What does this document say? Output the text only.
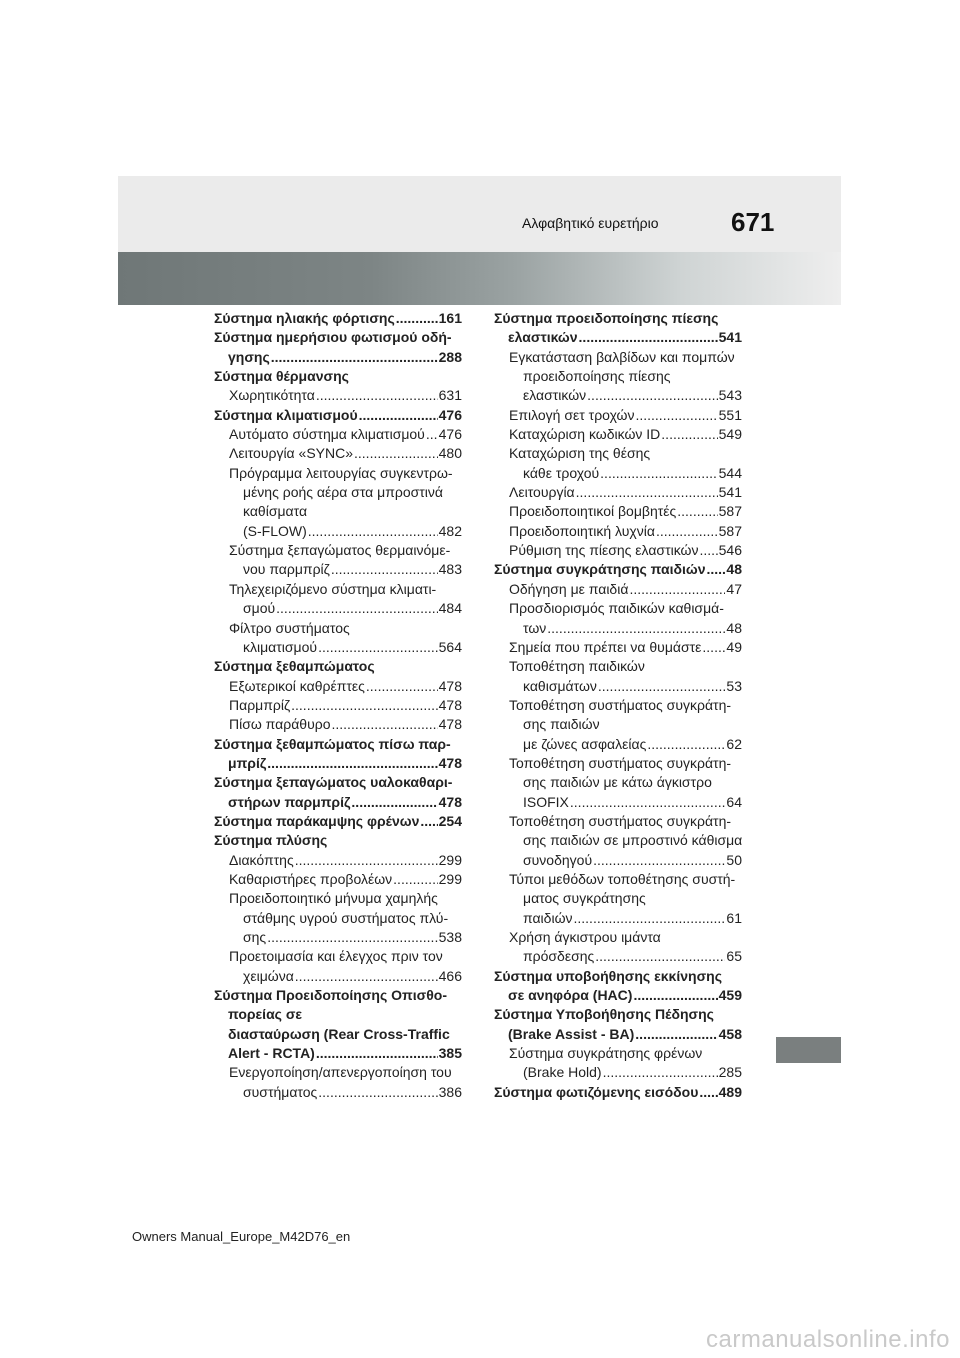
Αλφαβητικό ευρετήριο	671
Σύστημα ηλιακής φόρτισης .....	161
Σύστημα ημερήσιου φωτισμού οδή-
γησης .....	288
Σύστημα θέρμανσης
Χωρητικότητα .....	631
Σύστημα κλιματισμού .....	476
Αυτόματο σύστημα κλιματισμού ..... 476
Λειτουργία «SYNC» .....	480
Πρόγραμμα λειτουργίας συγκεντρω-
μένης ροής αέρα στα μπροστινά
καθίσματα
(S-FLOW) .....	482
Σύστημα ξεπαγώματος θερμαινόμε-
νου παρμπρίζ .....	483
Τηλεχειριζόμενο σύστημα κλιματι-
σμού .....	484
Φίλτρο συστήματος
κλιματισμού .....	564
Σύστημα ξεθαμπώματος
Εξωτερικοί καθρέπτες .....	478
Παρμπρίζ .....	478
Πίσω παράθυρο .....	478
Σύστημα ξεθαμπώματος πίσω παρ-
μπρίζ .....	478
Σύστημα ξεπαγώματος υαλοκαθαρι-
στήρων παρμπρίζ .....	478
Σύστημα παράκαμψης φρένων ..... 254
Σύστημα πλύσης
Διακόπτης .....	299
Καθαριστήρες προβολέων .....	299
Προειδοποιητικό μήνυμα χαμηλής
στάθμης υγρού συστήματος πλύ-
σης .....	538
Προετοιμασία και έλεγχος πριν τον
χειμώνα .....	466
Σύστημα Προειδοποίησης Οπισθο-
πορείας σε
διασταύρωση (Rear Cross-Traffic
Alert - RCTA) .....	385
Ενεργοποίηση/απενεργοποίηση του
συστήματος .....	386
Σύστημα προειδοποίησης πίεσης
ελαστικών .....	541
Εγκατάσταση βαλβίδων και πομπών
προειδοποίησης πίεσης
ελαστικών .....	543
Επιλογή σετ τροχών .....	551
Καταχώριση κωδικών ID .....	549
Καταχώριση της θέσης
κάθε τροχού .....	544
Λειτουργία .....	541
Προειδοποιητικοί βομβητές .....	587
Προειδοποιητική λυχνία .....	587
Ρύθμιση της πίεσης ελαστικών ..... 546
Σύστημα συγκράτησης παιδιών ..... 48
Οδήγηση με παιδιά .....	47
Προσδιορισμός παιδικών καθισμά-
των .....	48
Σημεία που πρέπει να θυμάστε ..... 49
Τοποθέτηση παιδικών
καθισμάτων .....	53
Τοποθέτηση συστήματος συγκράτη-
σης παιδιών
με ζώνες ασφαλείας .....	62
Τοποθέτηση συστήματος συγκράτη-
σης παιδιών με κάτω άγκιστρο
ISOFIX .....	64
Τοποθέτηση συστήματος συγκράτη-
σης παιδιών σε μπροστινό κάθισμα
συνοδηγού .....	50
Τύποι μεθόδων τοποθέτησης συστή-
ματος συγκράτησης
παιδιών .....	61
Χρήση άγκιστρου ιμάντα
πρόσδεσης .....	65
Σύστημα υποβοήθησης εκκίνησης
σε ανηφόρα (HAC) .....	459
Σύστημα Υποβοήθησης Πέδησης
(Brake Assist - BA) .....	458
Σύστημα συγκράτησης φρένων
(Brake Hold) .....	285
Σύστημα φωτιζόμενης εισόδου ..... 489
Owners Manual_Europe_M42D76_en
carmanualsonline.info
